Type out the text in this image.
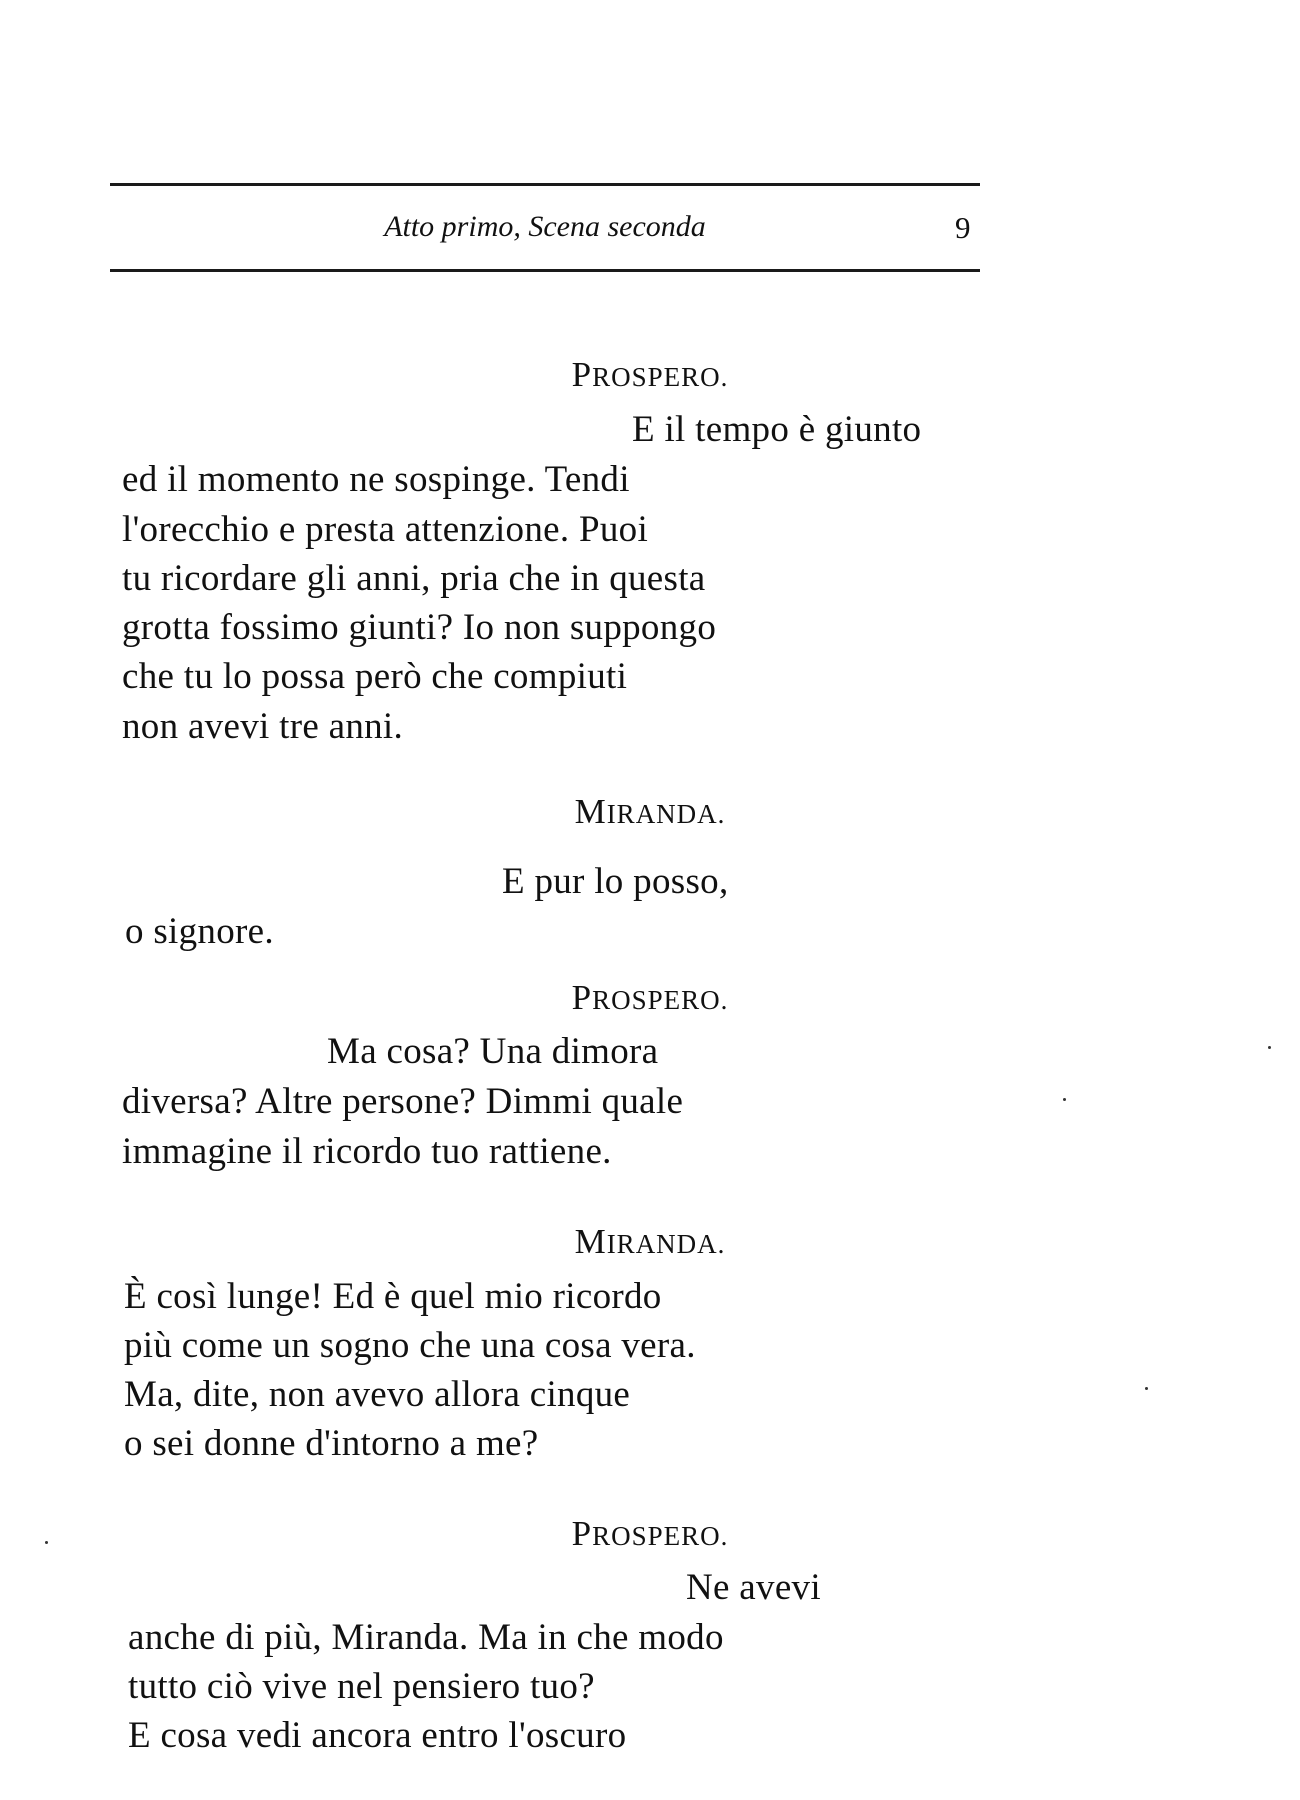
Atto primo, Scena seconda	9
PROSPERO.
E il tempo è giunto
ed il momento ne sospinge. Tendi
l'orecchio e presta attenzione. Puoi
tu ricordare gli anni, pria che in questa
grotta fossimo giunti? Io non suppongo
che tu lo possa però che compiuti
non avevi tre anni.
MIRANDA.
E pur lo posso,
o signore.
PROSPERO.
Ma cosa? Una dimora
diversa? Altre persone? Dimmi quale
immagine il ricordo tuo rattiene.
MIRANDA.
È così lunge! Ed è quel mio ricordo
più come un sogno che una cosa vera.
Ma, dite, non avevo allora cinque
o sei donne d'intorno a me?
PROSPERO.
Ne avevi
anche di più, Miranda. Ma in che modo
tutto ciò vive nel pensiero tuo?
E cosa vedi ancora entro l'oscuro
